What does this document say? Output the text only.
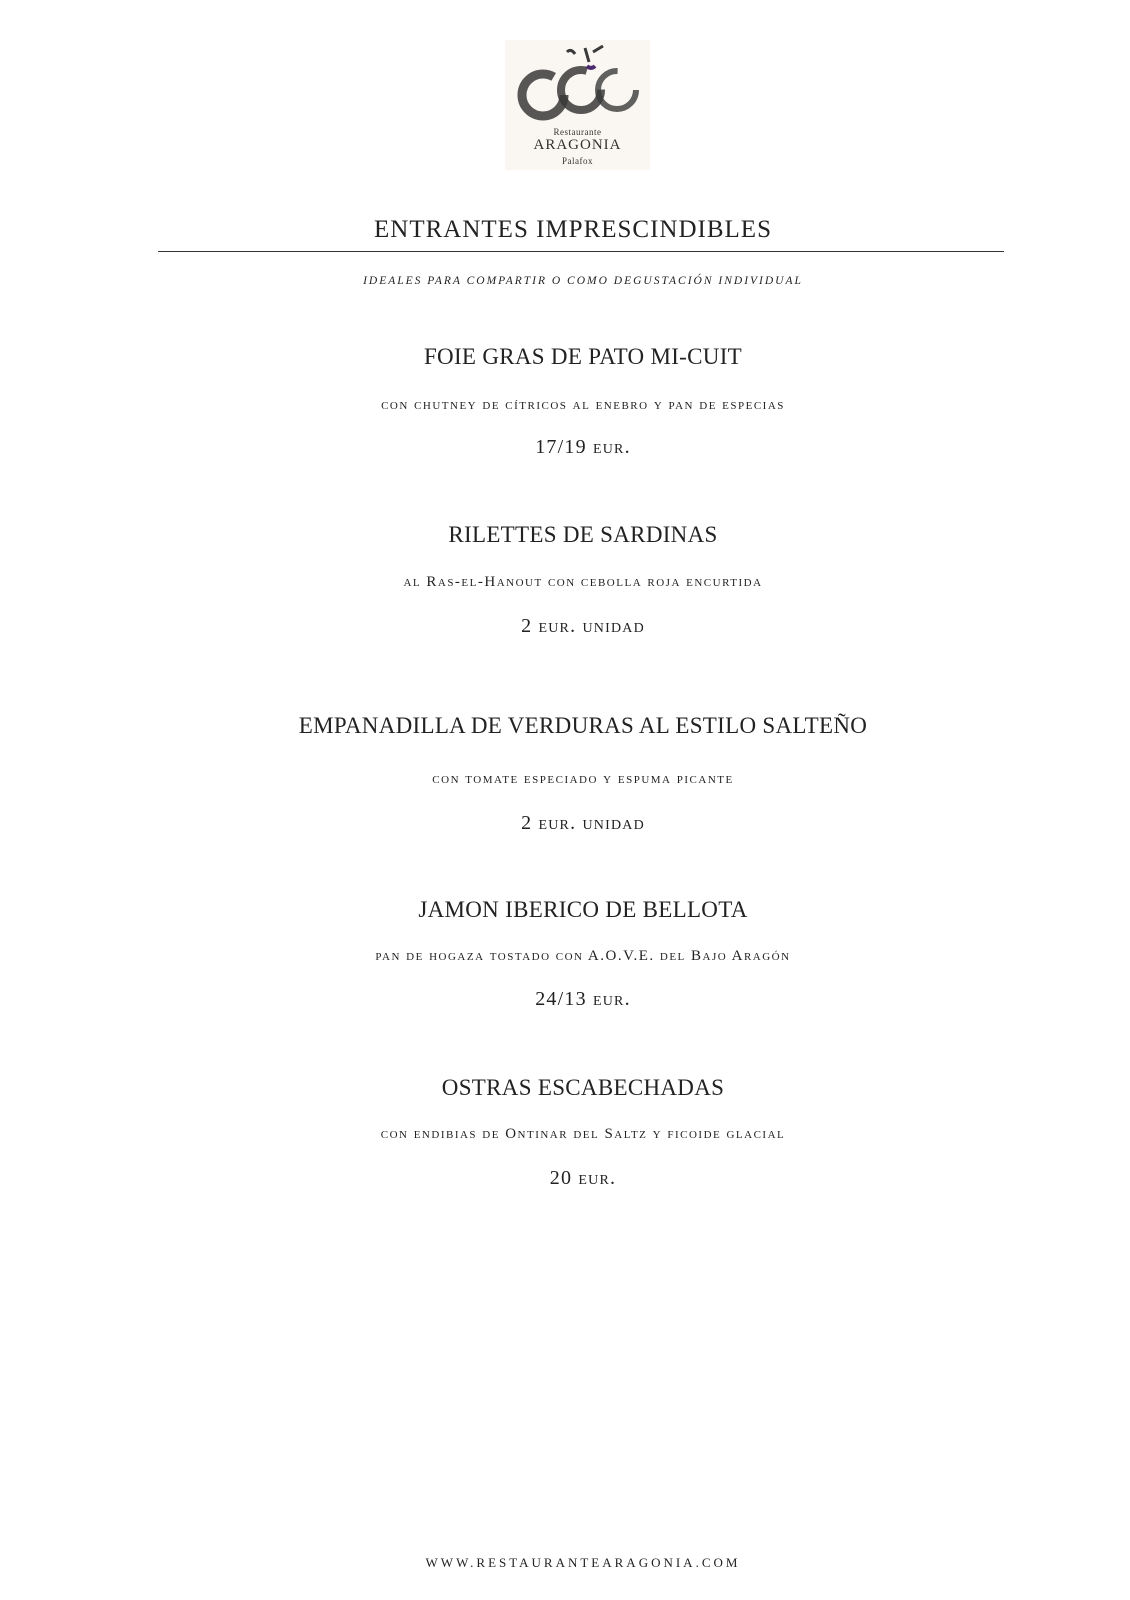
Restaurante
ARAGONIA
Palafox
ENTRANTES IMPRESCINDIBLES
IDEALES PARA COMPARTIR O COMO DEGUSTACIÓN INDIVIDUAL
FOIE GRAS DE PATO MI-CUIT
con chutney de cítricos al enebro y pan de especias
17/19 eur.
RILETTES DE SARDINAS
al Ras-el-Hanout con cebolla roja encurtida
2 eur. unidad
EMPANADILLA DE VERDURAS AL ESTILO SALTEÑO
con tomate especiado y espuma picante
2 eur. unidad
JAMON IBERICO DE BELLOTA
pan de hogaza tostado con A.O.V.E. del Bajo Aragón
24/13 eur.
OSTRAS ESCABECHADAS
con endibias de Ontinar del Saltz y ficoide glacial
20 eur.
WWW.RESTAURANTEARAGONIA.COM
